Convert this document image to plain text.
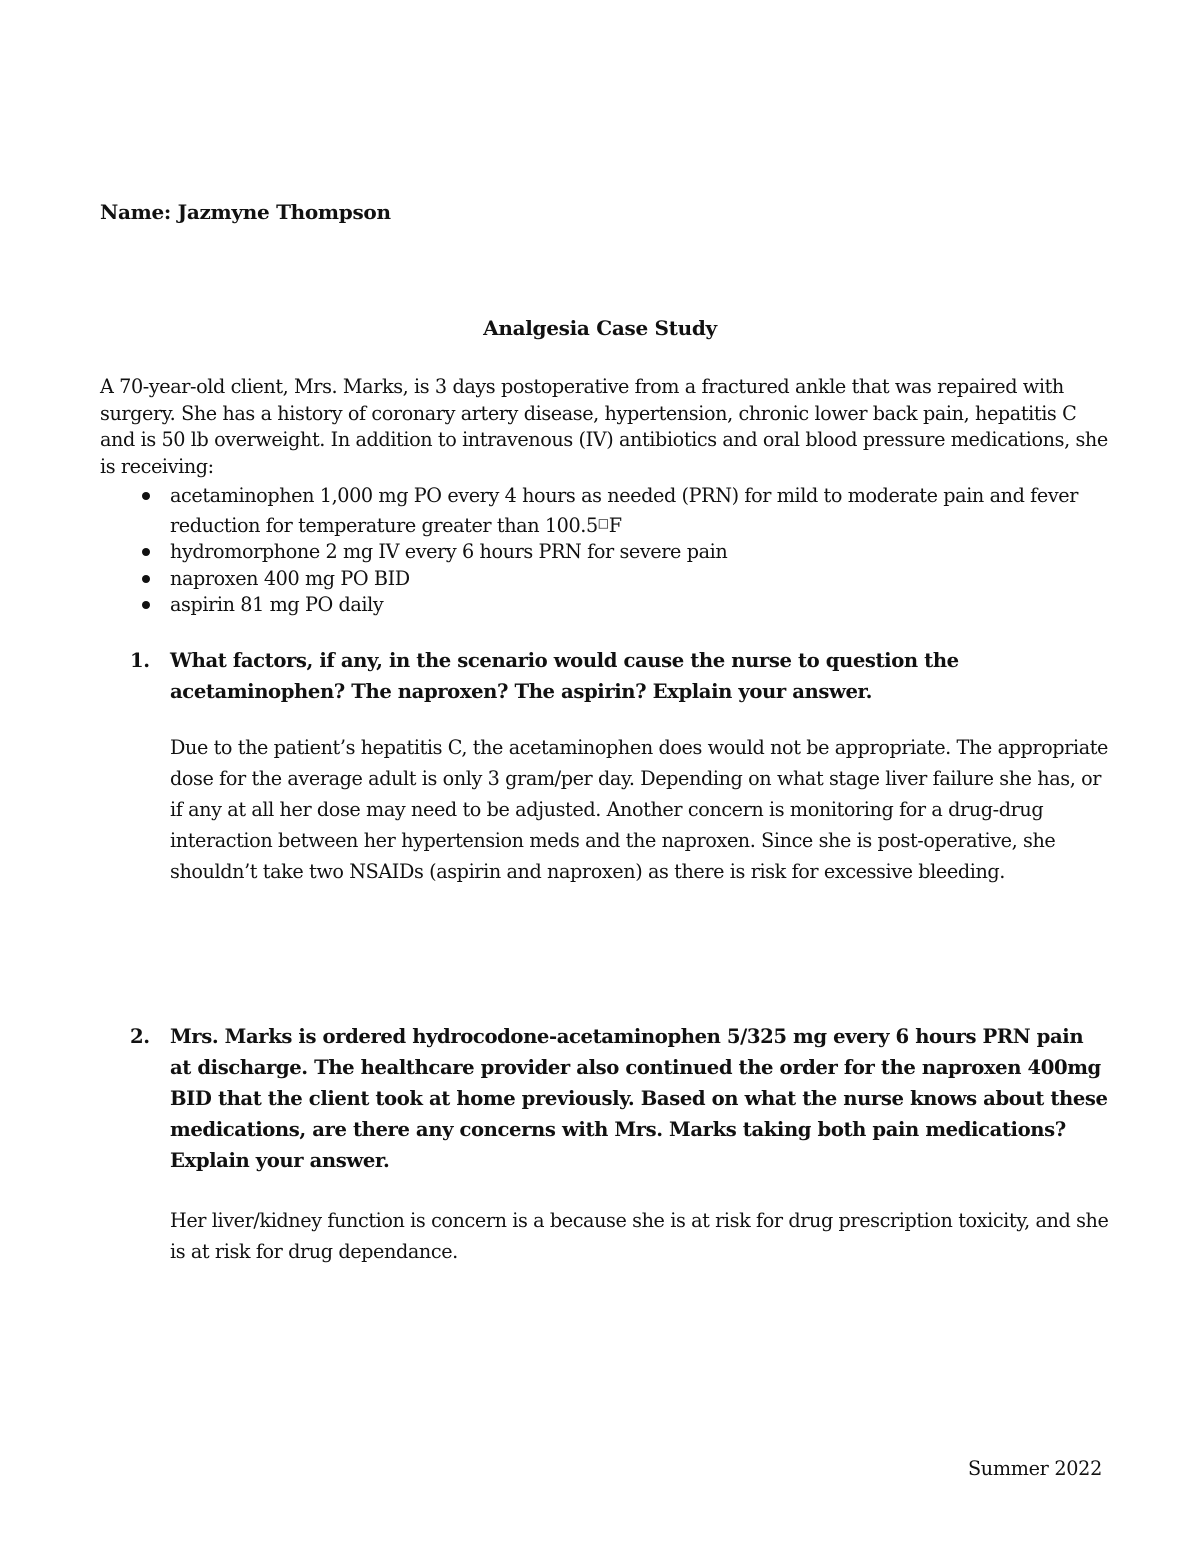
Name: Jazmyne Thompson
Analgesia Case Study

A 70-year-old client, Mrs. Marks, is 3 days postoperative from a fractured ankle that was repaired with surgery. She has a history of coronary artery disease, hypertension, chronic lower back pain, hepatitis C and is 50 lb overweight. In addition to intravenous (IV) antibiotics and oral blood pressure medications, she is receiving:

acetaminophen 1,000 mg PO every 4 hours as needed (PRN) for mild to moderate pain and fever reduction for temperature greater than 100.5□F
hydromorphone 2 mg IV every 6 hours PRN for severe pain
naproxen 400 mg PO BID
aspirin 81 mg PO daily
1.	What factors, if any, in the scenario would cause the nurse to question the acetaminophen? The naproxen? The aspirin? Explain your answer.
Due to the patient’s hepatitis C, the acetaminophen does would not be appropriate. The appropriate dose for the average adult is only 3 gram/per day. Depending on what stage liver failure she has, or if any at all her dose may need to be adjusted. Another concern is monitoring for a drug-drug interaction between her hypertension meds and the naproxen. Since she is post-operative, she shouldn’t take two NSAIDs (aspirin and naproxen) as there is risk for excessive bleeding.
2.	Mrs. Marks is ordered hydrocodone-acetaminophen 5/325 mg every 6 hours PRN pain at discharge. The healthcare provider also continued the order for the naproxen 400mg BID that the client took at home previously. Based on what the nurse knows about these medications, are there any concerns with Mrs. Marks taking both pain medications? Explain your answer.
Her liver/kidney function is concern is a because she is at risk for drug prescription toxicity, and she is at risk for drug dependance.
Summer 2022
